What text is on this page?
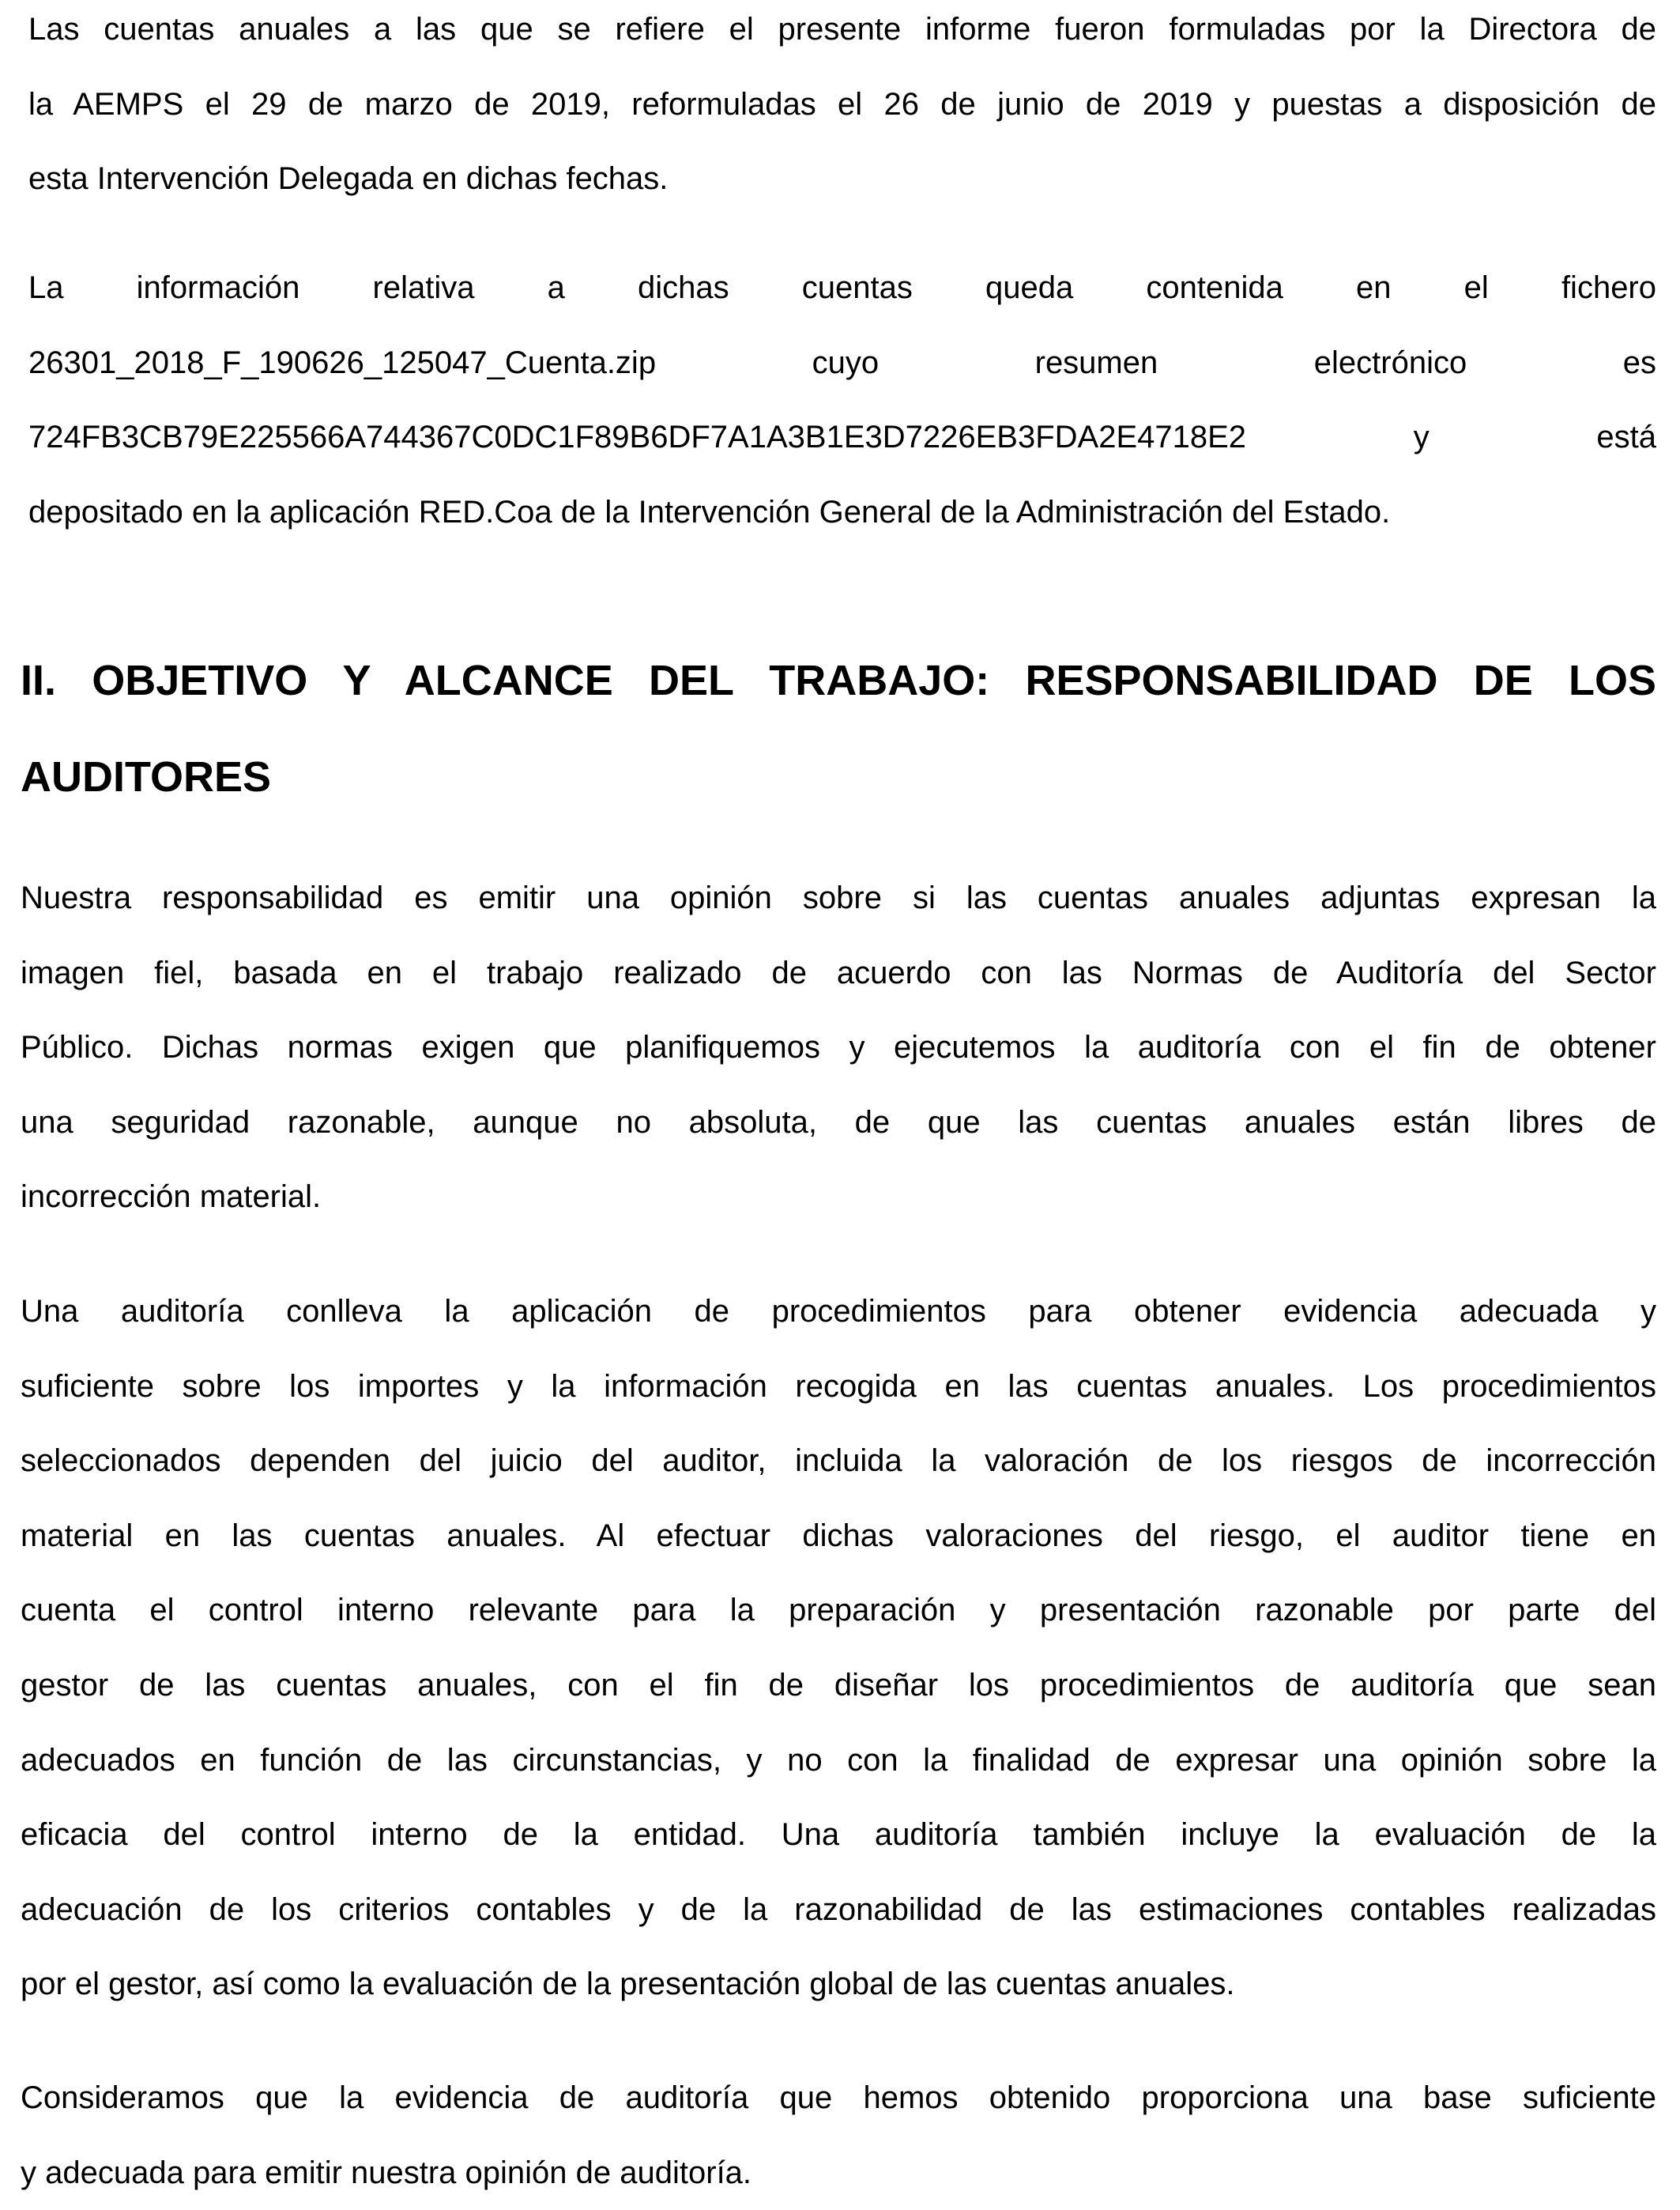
Las cuentas anuales a las que se refiere el presente informe fueron formuladas por la Directora de
la AEMPS el 29 de marzo de 2019, reformuladas el 26 de junio de 2019 y puestas a disposición de
esta Intervención Delegada en dichas fechas.
La información relativa a dichas cuentas queda contenida en el fichero
26301_2018_F_190626_125047_Cuenta.zip cuyo resumen electrónico es
724FB3CB79E225566A744367C0DC1F89B6DF7A1A3B1E3D7226EB3FDA2E4718E2 y está
depositado en la aplicación RED.Coa de la Intervención General de la Administración del Estado.
II. OBJETIVO Y ALCANCE DEL TRABAJO: RESPONSABILIDAD DE LOS
AUDITORES
Nuestra responsabilidad es emitir una opinión sobre si las cuentas anuales adjuntas expresan la
imagen fiel, basada en el trabajo realizado de acuerdo con las Normas de Auditoría del Sector
Público. Dichas normas exigen que planifiquemos y ejecutemos la auditoría con el fin de obtener
una seguridad razonable, aunque no absoluta, de que las cuentas anuales están libres de
incorrección material.
Una auditoría conlleva la aplicación de procedimientos para obtener evidencia adecuada y
suficiente sobre los importes y la información recogida en las cuentas anuales. Los procedimientos
seleccionados dependen del juicio del auditor, incluida la valoración de los riesgos de incorrección
material en las cuentas anuales. Al efectuar dichas valoraciones del riesgo, el auditor tiene en
cuenta el control interno relevante para la preparación y presentación razonable por parte del
gestor de las cuentas anuales, con el fin de diseñar los procedimientos de auditoría que sean
adecuados en función de las circunstancias, y no con la finalidad de expresar una opinión sobre la
eficacia del control interno de la entidad. Una auditoría también incluye la evaluación de la
adecuación de los criterios contables y de la razonabilidad de las estimaciones contables realizadas
por el gestor, así como la evaluación de la presentación global de las cuentas anuales.
Consideramos que la evidencia de auditoría que hemos obtenido proporciona una base suficiente
y adecuada para emitir nuestra opinión de auditoría.
